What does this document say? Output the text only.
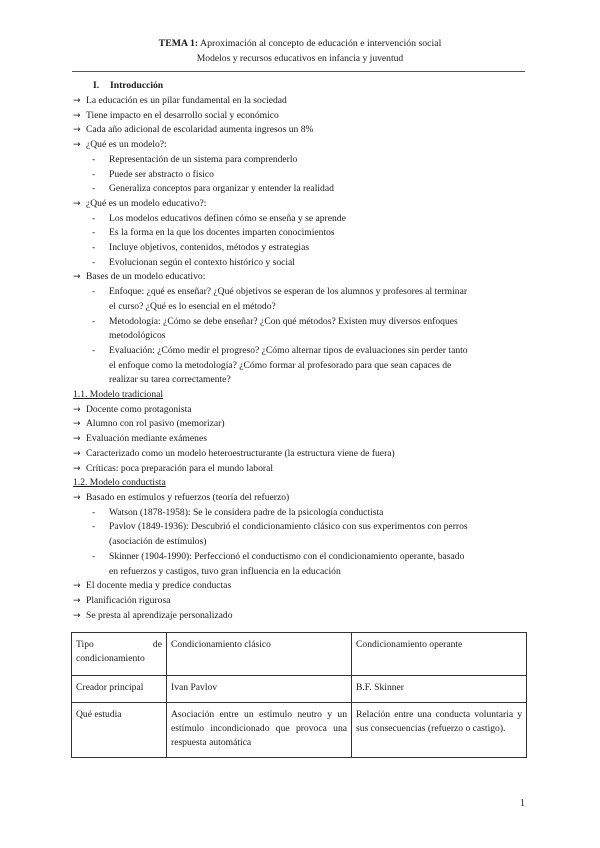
TEMA 1: Aproximación al concepto de educación e intervención social
Modelos y recursos educativos en infancia y juventud
I. Introducción
→ La educación es un pilar fundamental en la sociedad
→ Tiene impacto en el desarrollo social y económico
→ Cada año adicional de escolaridad aumenta ingresos un 8%
→ ¿Qué es un modelo?:
- Representación de un sistema para comprenderlo
- Puede ser abstracto o físico
- Generaliza conceptos para organizar y entender la realidad
→ ¿Qué es un modelo educativo?:
- Los modelos educativos definen cómo se enseña y se aprende
- Es la forma en la que los docentes imparten conocimientos
- Incluye objetivos, contenidos, métodos y estrategias
- Evolucionan según el contexto histórico y social
→ Bases de un modelo educativo:
- Enfoque: ¿qué es enseñar? ¿Qué objetivos se esperan de los alumnos y profesores al terminar
el curso? ¿Qué es lo esencial en el método?
- Metodología: ¿Cómo se debe enseñar? ¿Con qué métodos? Existen muy diversos enfoques
metodológicos
- Evaluación: ¿Cómo medir el progreso? ¿Cómo alternar tipos de evaluaciones sin perder tanto
el enfoque como la metodología? ¿Cómo formar al profesorado para que sean capaces de
realizar su tarea correctamente?
1.1. Modelo tradicional
→ Docente como protagonista
→ Alumno con rol pasivo (memorizar)
→ Evaluación mediante exámenes
→ Caracterizado como un modelo heteroestructurante (la estructura viene de fuera)
→ Críticas: poca preparación para el mundo laboral
1.2. Modelo conductista
→ Basado en estímulos y refuerzos (teoría del refuerzo)
- Watson (1878-1958): Se le considera padre de la psicología conductista
- Pavlov (1849-1936): Descubrió el condicionamiento clásico con sus experimentos con perros
(asociación de estímulos)
- Skinner (1904-1990): Perfeccionó el conductismo con el condicionamiento operante, basado
en refuerzos y castigos, tuvo gran influencia en la educación
→ El docente media y predice conductas
→ Planificación rigurosa
→ Se presta al aprendizaje personalizado
Tipo de condicionamiento	Condicionamiento clásico	Condicionamiento operante
Creador principal	Ivan Pavlov	B.F. Skinner
Qué estudia	Asociación entre un estímulo neutro y un estímulo incondicionado que provoca una respuesta automática	Relación entre una conducta voluntaria y sus consecuencias (refuerzo o castigo).
1
